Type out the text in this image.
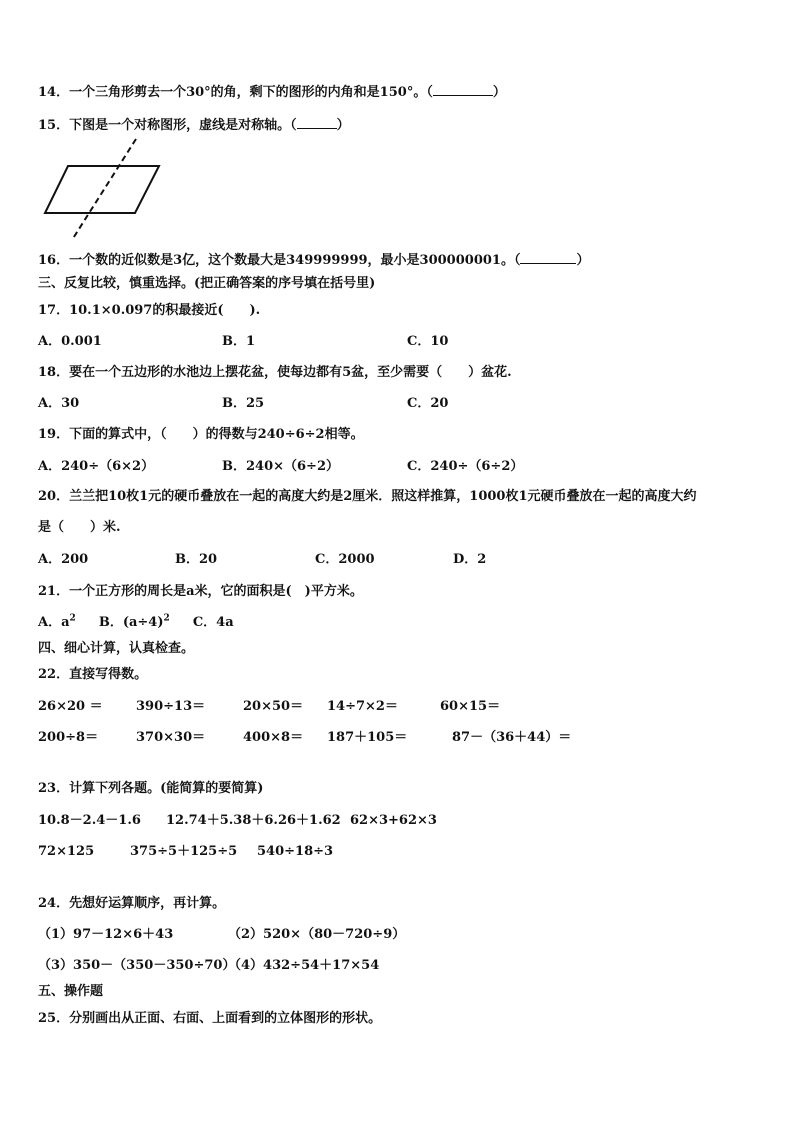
14．一个三角形剪去一个30°的角，剩下的图形的内角和是150°。（	）
15．下图是一个对称图形，虚线是对称轴。（	）
16．一个数的近似数是3亿，这个数最大是349999999，最小是300000001。（	）
三、反复比较，慎重选择。(把正确答案的序号填在括号里)
17．10.1×0.097的积最接近(　　).
A．0.001	B．1	C．10
18．要在一个五边形的水池边上摆花盆，使每边都有5盆，至少需要（　　）盆花.
A．30	B．25	C．20
19．下面的算式中，（　　）的得数与240÷6÷2相等。
A．240÷（6×2）	B．240×（6÷2）	C．240÷（6÷2）
20．兰兰把10枚1元的硬币叠放在一起的高度大约是2厘米．照这样推算，1000枚1元硬币叠放在一起的高度大约
是（　　）米.
A．200	B．20	C．2000	D．2
21．一个正方形的周长是a米，它的面积是(　)平方米。
A．$a^2$ B．$(a\div 4)^2$ C．4a
四、细心计算，认真检查。
22．直接写得数。
26×20 ＝	390÷13＝	20×50＝ 14÷7×2＝	60×15＝
200÷8＝	370×30＝	400×8＝ 187＋105＝	87－（36＋44）＝
23．计算下列各题。(能简算的要简算)
10.8－2.4－1.6 12.74＋5.38＋6.26＋1.62 62×3+62×3
72×125	375÷5＋125÷5 540÷18÷3
24．先想好运算顺序，再计算。
（1）97－12×6＋43	（2）520×（80－720÷9）
（3）350－（350－350÷70）
（4）432÷54＋17×54
五、操作题
25．分别画出从正面、右面、上面看到的立体图形的形状。
